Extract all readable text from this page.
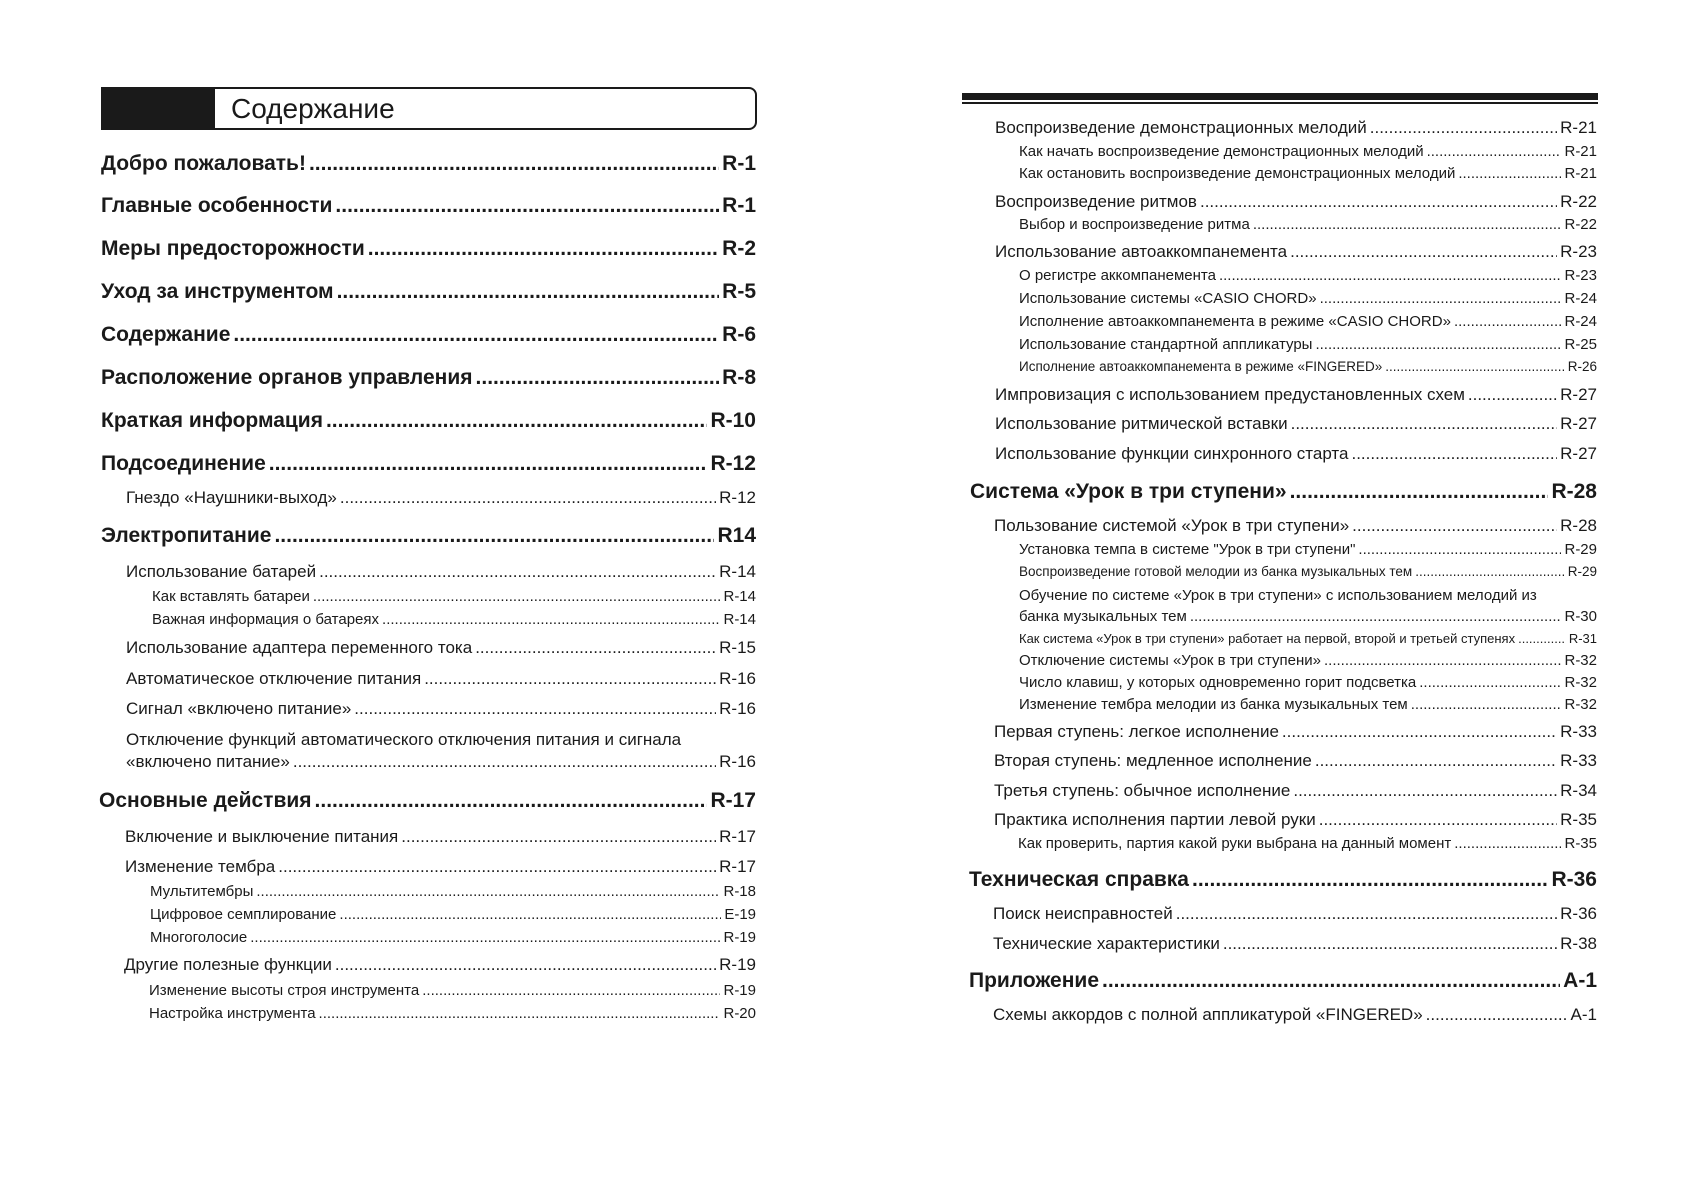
Содержание
Добро пожаловать! .....	R-1
Главные особенности .....	R-1
Меры предосторожности .....	R-2
Уход за инструментом .....	R-5
Содержание .....	R-6
Расположение органов управления .....	R-8
Краткая информация .....	R-10
Подсоединение .....	R-12
Гнездо «Наушники-выход» .....	R-12
Электропитание .....	R14
Использование батарей .....	R-14
Как вставлять батареи .....	R-14
Важная информация о батареях .....	R-14
Использование адаптера переменного тока .....	R-15
Автоматическое отключение питания .....	R-16
Сигнал «включено питание» .....	R-16
Отключение функций автоматического отключения питания и сигнала
«включено питание» .....	R-16
Основные действия .....	R-17
Включение и выключение питания .....	R-17
Изменение тембра .....	R-17
Мультитембры .....	R-18
Цифровое семплирование .....	E-19
Многоголосие .....	R-19
Другие полезные функции .....	R-19
Изменение высоты строя инструмента .....	R-19
Настройка инструмента .....	R-20
Воспроизведение демонстрационных мелодий .....	R-21
Как начать воспроизведение демонстрационных мелодий .....	R-21
Как остановить воспроизведение демонстрационных мелодий .....	R-21
Воспроизведение ритмов .....	R-22
Выбор и воспроизведение ритма .....	R-22
Использование автоаккомпанемента .....	R-23
О регистре аккомпанемента .....	R-23
Использование системы «CASIO CHORD» .....	R-24
Исполнение автоаккомпанемента в режиме «CASIO CHORD» .....	R-24
Использование стандартной аппликатуры .....	R-25
Исполнение автоаккомпанемента в режиме «FINGERED» .....	R-26
Импровизация с использованием предустановленных схем .....	R-27
Использование ритмической вставки .....	R-27
Использование функции синхронного старта .....	R-27
Система «Урок в три ступени» .....	R-28
Пользование системой «Урок в три ступени» .....	R-28
Установка темпа в системе "Урок в три ступени" .....	R-29
Воспроизведение готовой мелодии из банка музыкальных тем .....	R-29
Обучение по системе «Урок в три ступени» с использованием мелодий из
банка музыкальных тем .....	R-30
Как система «Урок в три ступени» работает на первой, второй и третьей ступенях .....	R-31
Отключение системы «Урок в три ступени» .....	R-32
Число клавиш, у которых одновременно горит подсветка .....	R-32
Изменение тембра мелодии из банка музыкальных тем .....	R-32
Первая ступень: легкое исполнение .....	R-33
Вторая ступень: медленное исполнение .....	R-33
Третья ступень: обычное исполнение .....	R-34
Практика исполнения партии левой руки .....	R-35
Как проверить, партия какой руки выбрана на данный момент .....	R-35
Техническая справка .....	R-36
Поиск неисправностей .....	R-36
Технические характеристики .....	R-38
Приложение .....	A-1
Схемы аккордов с полной аппликатурой «FINGERED» .....	A-1
